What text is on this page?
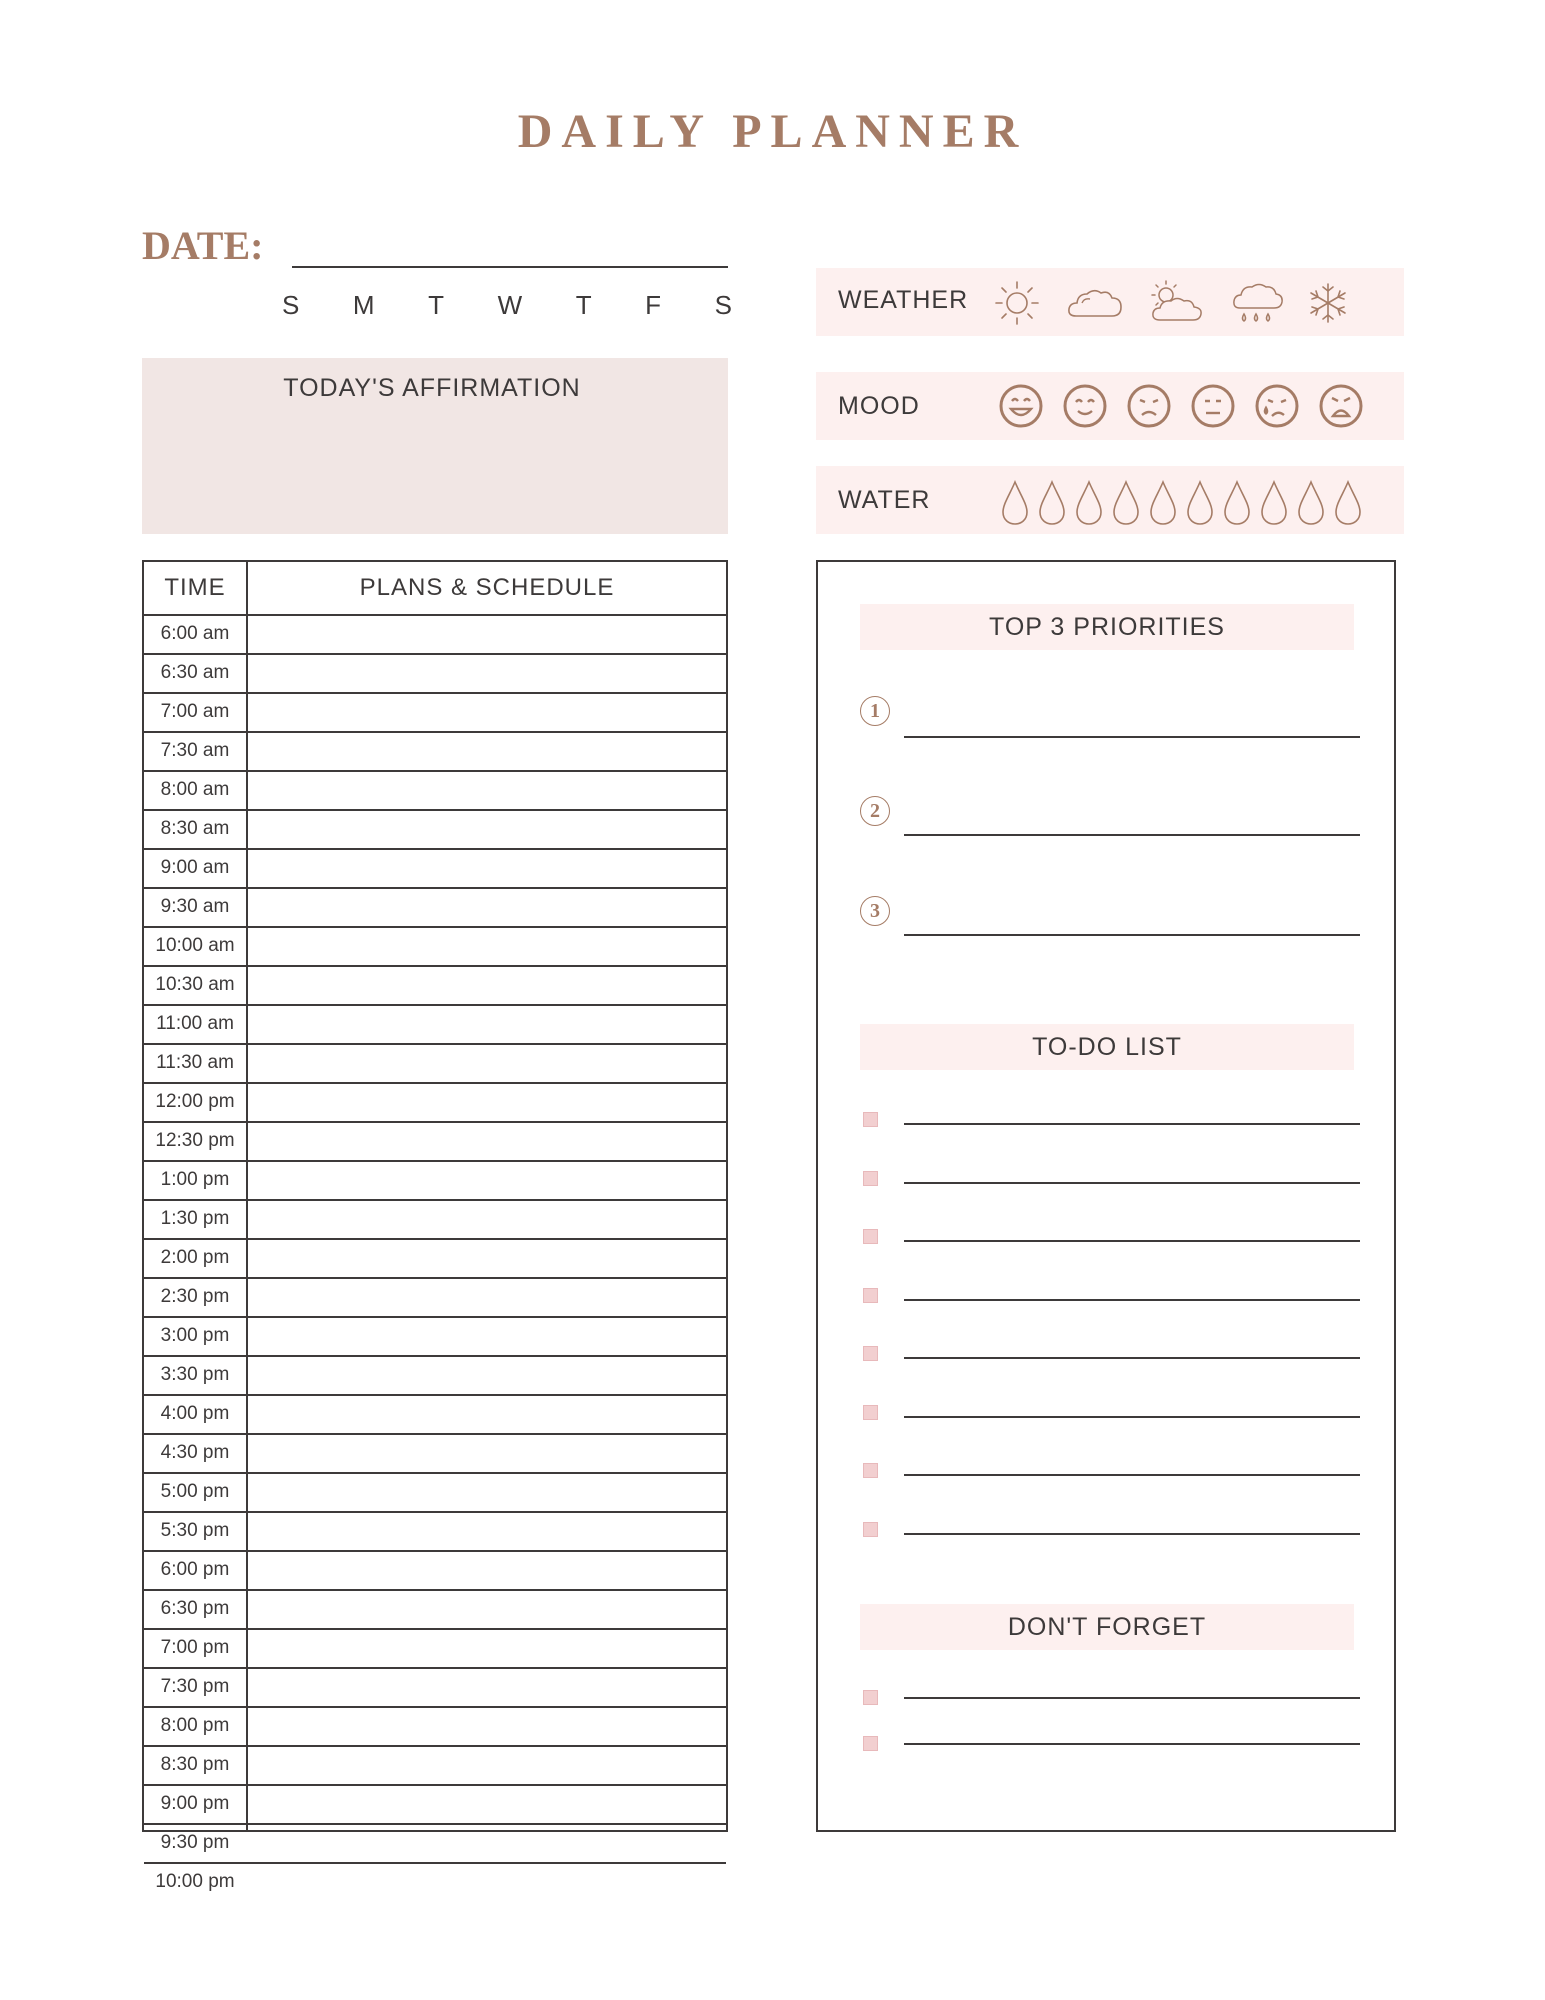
DAILY PLANNER
DATE:
S M T W T F S
TODAY'S AFFIRMATION
WEATHER
MOOD
WATER
TIME	PLANS & SCHEDULE
6:00 am
6:30 am
7:00 am
7:30 am
8:00 am
8:30 am
9:00 am
9:30 am
10:00 am
10:30 am
11:00 am
11:30 am
12:00 pm
12:30 pm
1:00 pm
1:30 pm
2:00 pm
2:30 pm
3:00 pm
3:30 pm
4:00 pm
4:30 pm
5:00 pm
5:30 pm
6:00 pm
6:30 pm
7:00 pm
7:30 pm
8:00 pm
8:30 pm
9:00 pm
9:30 pm
10:00 pm
TOP 3 PRIORITIES
1
2
3
TO-DO LIST
DON'T FORGET
